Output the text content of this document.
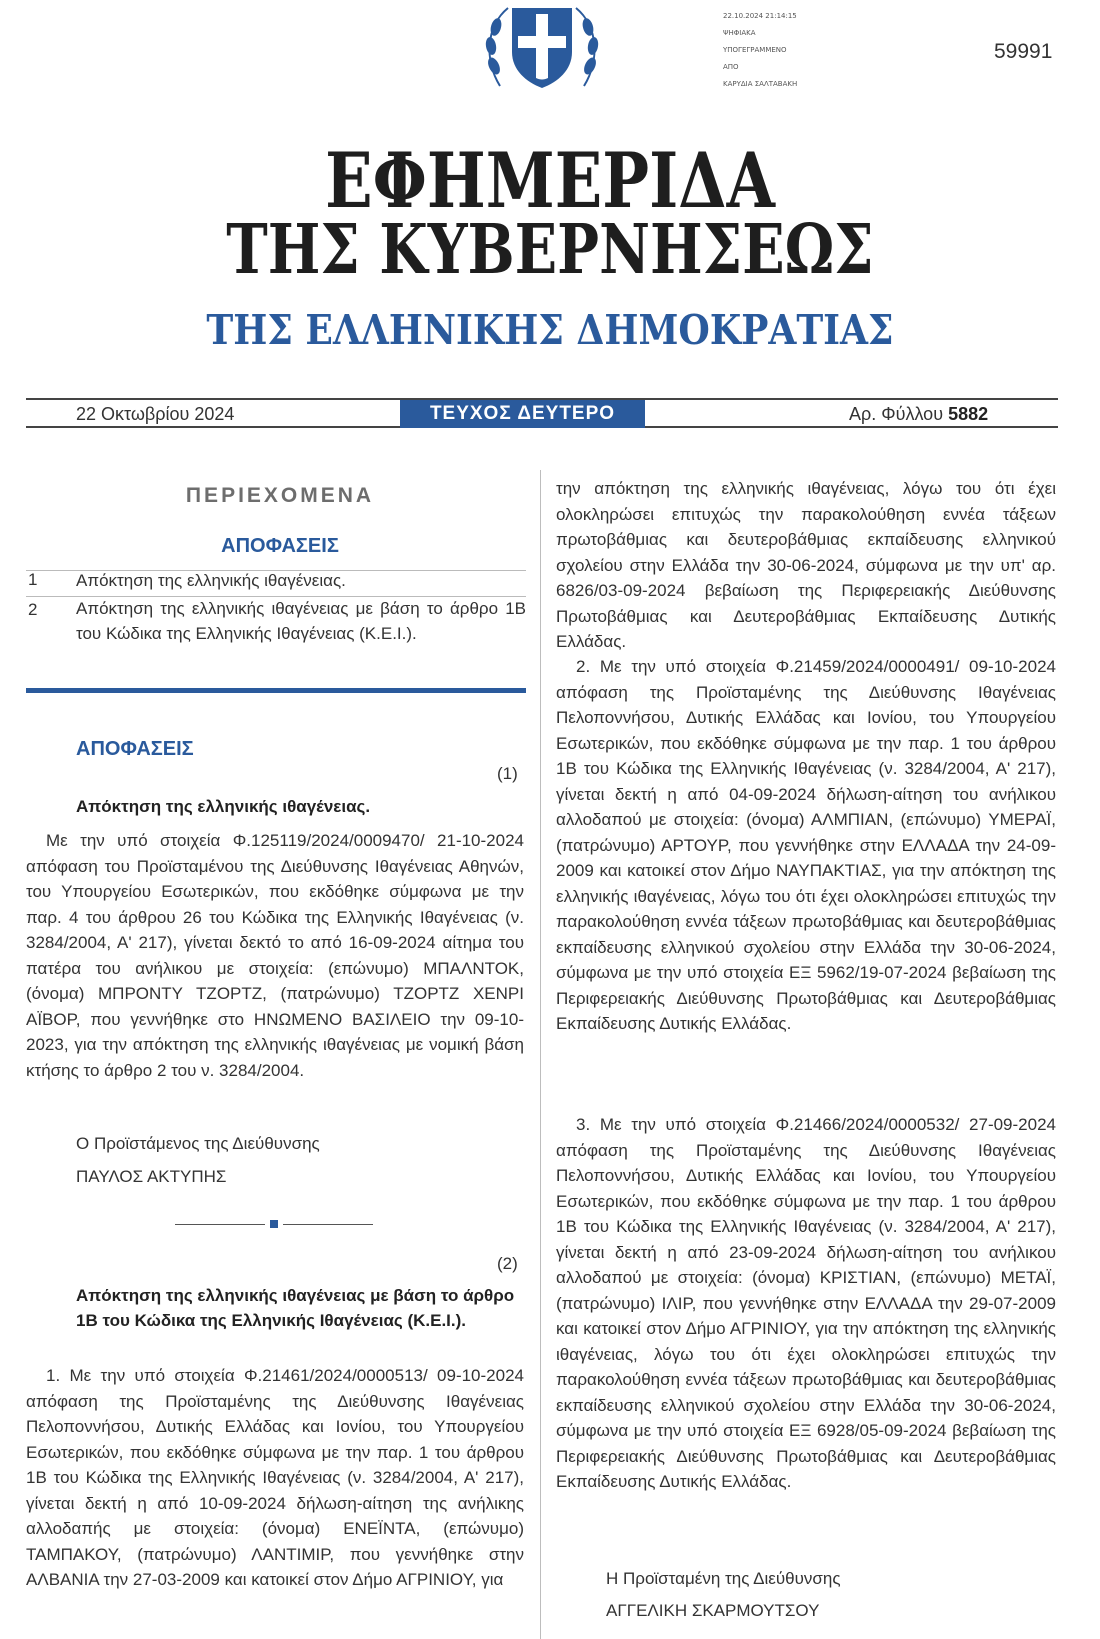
22.10.2024 21:14:15
ΨΗΦΙΑΚΑ
ΥΠΟΓΕΓΡΑΜΜΕΝΟ
ΑΠΟ
ΚΑΡΥΔΙΑ ΣΑΛΤΑΒΑΚΗ
59991
ΕΦΗΜΕΡΙΔΑ
ΤΗΣ ΚΥΒΕΡΝΗΣΕΩΣ
ΤΗΣ ΕΛΛΗΝΙΚΗΣ ΔΗΜΟΚΡΑΤΙΑΣ
22 Οκτωβρίου 2024	ΤΕΥΧΟΣ ΔΕΥΤΕΡΟ	Αρ. Φύλλου 5882
ΠΕΡΙΕΧΟΜΕΝΑ
ΑΠΟΦΑΣΕΙΣ
1 Απόκτηση της ελληνικής ιθαγένειας.
2 Απόκτηση της ελληνικής ιθαγένειας με βάση το άρθρο 1Β του Κώδικα της Ελληνικής Ιθαγένειας (Κ.Ε.Ι.).
ΑΠΟΦΑΣΕΙΣ
(1)
Απόκτηση της ελληνικής ιθαγένειας.
Με την υπό στοιχεία Φ.125119/2024/0009470/ 21-10-2024 απόφαση του Προϊσταμένου της Διεύθυνσης Ιθαγένειας Αθηνών, του Υπουργείου Εσωτερικών, που εκδόθηκε σύμφωνα με την παρ. 4 του άρθρου 26 του Κώδικα της Ελληνικής Ιθαγένειας (ν. 3284/2004, Α' 217), γίνεται δεκτό το από 16-09-2024 αίτημα του πατέρα του ανήλικου με στοιχεία: (επώνυμο) ΜΠΑΛΝΤΟΚ, (όνομα) ΜΠΡΟΝΤΥ ΤΖΟΡΤΖ, (πατρώνυμο) ΤΖΟΡΤΖ ΧΕΝΡΙ ΑΪΒΟΡ, που γεννήθηκε στο ΗΝΩΜΕΝΟ ΒΑΣΙΛΕΙΟ την 09-10-2023, για την απόκτηση της ελληνικής ιθαγένειας με νομική βάση κτήσης το άρθρο 2 του ν. 3284/2004.
Ο Προϊστάμενος της Διεύθυνσης
ΠΑΥΛΟΣ ΑΚΤΥΠΗΣ
(2)
Απόκτηση της ελληνικής ιθαγένειας με βάση το άρθρο 1Β του Κώδικα της Ελληνικής Ιθαγένειας (Κ.Ε.Ι.).
1. Με την υπό στοιχεία Φ.21461/2024/0000513/ 09-10-2024 απόφαση της Προϊσταμένης της Διεύθυνσης Ιθαγένειας Πελοποννήσου, Δυτικής Ελλάδας και Ιονίου, του Υπουργείου Εσωτερικών, που εκδόθηκε σύμφωνα με την παρ. 1 του άρθρου 1Β του Κώδικα της Ελληνικής Ιθαγένειας (ν. 3284/2004, Α' 217), γίνεται δεκτή η από 10-09-2024 δήλωση-αίτηση της ανήλικης αλλοδαπής με στοιχεία: (όνομα) ΕΝΕΪΝΤΑ, (επώνυμο) ΤΑΜΠΑΚΟΥ, (πατρώνυμο) ΛΑΝΤΙΜΙΡ, που γεννήθηκε στην ΑΛΒΑΝΙΑ την 27-03-2009 και κατοικεί στον Δήμο ΑΓΡΙΝΙΟΥ, για
την απόκτηση της ελληνικής ιθαγένειας, λόγω του ότι έχει ολοκληρώσει επιτυχώς την παρακολούθηση εννέα τάξεων πρωτοβάθμιας και δευτεροβάθμιας εκπαίδευσης ελληνικού σχολείου στην Ελλάδα την 30-06-2024, σύμφωνα με την υπ' αρ. 6826/03-09-2024 βεβαίωση της Περιφερειακής Διεύθυνσης Πρωτοβάθμιας και Δευτεροβάθμιας Εκπαίδευσης Δυτικής Ελλάδας.
2. Με την υπό στοιχεία Φ.21459/2024/0000491/ 09-10-2024 απόφαση της Προϊσταμένης της Διεύθυνσης Ιθαγένειας Πελοποννήσου, Δυτικής Ελλάδας και Ιονίου, του Υπουργείου Εσωτερικών, που εκδόθηκε σύμφωνα με την παρ. 1 του άρθρου 1Β του Κώδικα της Ελληνικής Ιθαγένειας (ν. 3284/2004, Α' 217), γίνεται δεκτή η από 04-09-2024 δήλωση-αίτηση του ανήλικου αλλοδαπού με στοιχεία: (όνομα) ΑΛΜΠΙΑΝ, (επώνυμο) ΥΜΕΡΑΪ, (πατρώνυμο) ΑΡΤΟΥΡ, που γεννήθηκε στην ΕΛΛΑΔΑ την 24-09-2009 και κατοικεί στον Δήμο ΝΑΥΠΑΚΤΙΑΣ, για την απόκτηση της ελληνικής ιθαγένειας, λόγω του ότι έχει ολοκληρώσει επιτυχώς την παρακολούθηση εννέα τάξεων πρωτοβάθμιας και δευτεροβάθμιας εκπαίδευσης ελληνικού σχολείου στην Ελλάδα την 30-06-2024, σύμφωνα με την υπό στοιχεία ΕΞ 5962/19-07-2024 βεβαίωση της Περιφερειακής Διεύθυνσης Πρωτοβάθμιας και Δευτεροβάθμιας Εκπαίδευσης Δυτικής Ελλάδας.
3. Με την υπό στοιχεία Φ.21466/2024/0000532/ 27-09-2024 απόφαση της Προϊσταμένης της Διεύθυνσης Ιθαγένειας Πελοποννήσου, Δυτικής Ελλάδας και Ιονίου, του Υπουργείου Εσωτερικών, που εκδόθηκε σύμφωνα με την παρ. 1 του άρθρου 1Β του Κώδικα της Ελληνικής Ιθαγένειας (ν. 3284/2004, Α' 217), γίνεται δεκτή η από 23-09-2024 δήλωση-αίτηση του ανήλικου αλλοδαπού με στοιχεία: (όνομα) ΚΡΙΣΤΙΑΝ, (επώνυμο) ΜΕΤΑΪ, (πατρώνυμο) ΙΛΙΡ, που γεννήθηκε στην ΕΛΛΑΔΑ την 29-07-2009 και κατοικεί στον Δήμο ΑΓΡΙΝΙΟΥ, για την απόκτηση της ελληνικής ιθαγένειας, λόγω του ότι έχει ολοκληρώσει επιτυχώς την παρακολούθηση εννέα τάξεων πρωτοβάθμιας και δευτεροβάθμιας εκπαίδευσης ελληνικού σχολείου στην Ελλάδα την 30-06-2024, σύμφωνα με την υπό στοιχεία ΕΞ 6928/05-09-2024 βεβαίωση της Περιφερειακής Διεύθυνσης Πρωτοβάθμιας και Δευτεροβάθμιας Εκπαίδευσης Δυτικής Ελλάδας.
Η Προϊσταμένη της Διεύθυνσης
ΑΓΓΕΛΙΚΗ ΣΚΑΡΜΟΥΤΣΟΥ
